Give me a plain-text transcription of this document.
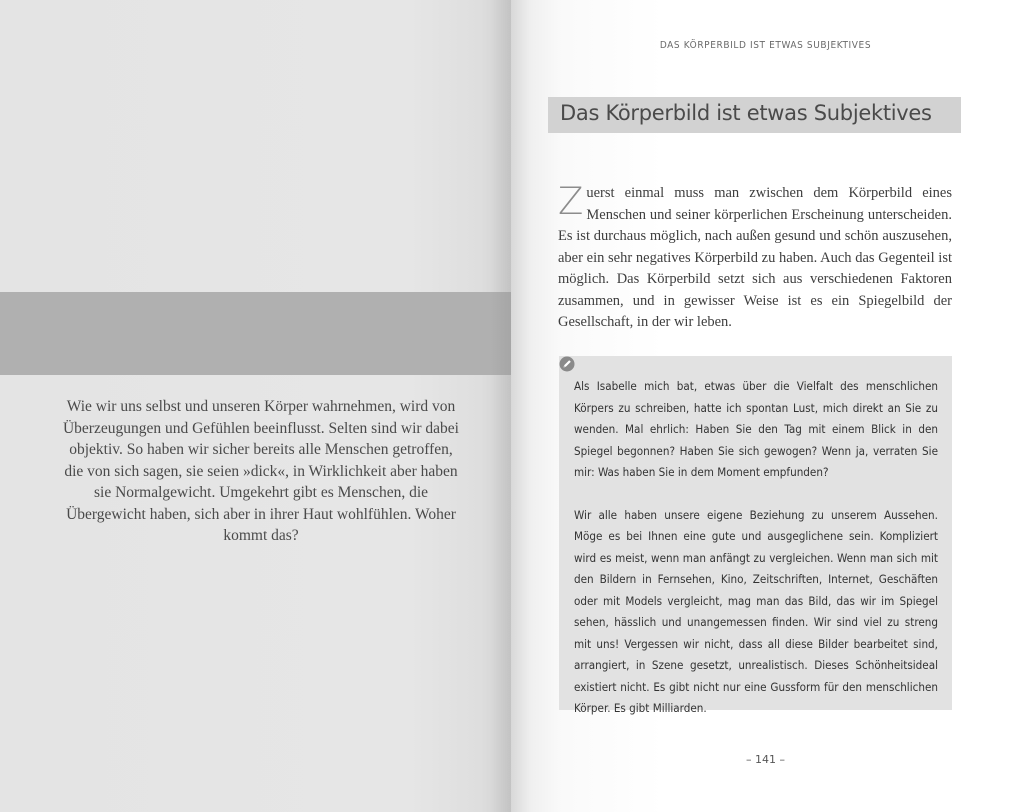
Wie wir uns selbst und unseren Körper wahrnehmen, wird von Überzeugungen und Gefühlen beeinflusst. Selten sind wir dabei objektiv. So haben wir sicher bereits alle Menschen getroffen, die von sich sagen, sie seien »dick«, in Wirklichkeit aber haben sie Normalgewicht. Umgekehrt gibt es Menschen, die Übergewicht haben, sich aber in ihrer Haut wohlfühlen. Woher kommt das?
DAS KÖRPERBILD IST ETWAS SUBJEKTIVES
Das Körperbild ist etwas Subjektives
Zuerst einmal muss man zwischen dem Körperbild eines Menschen und seiner körperlichen Erscheinung unterscheiden. Es ist durchaus möglich, nach außen gesund und schön auszusehen, aber ein sehr negatives Körperbild zu haben. Auch das Gegenteil ist möglich. Das Körperbild setzt sich aus verschiedenen Faktoren zusammen, und in gewisser Weise ist es ein Spiegelbild der Gesellschaft, in der wir leben.

Als Isabelle mich bat, etwas über die Vielfalt des menschlichen Körpers zu schreiben, hatte ich spontan Lust, mich direkt an Sie zu wenden. Mal ehrlich: Haben Sie den Tag mit einem Blick in den Spiegel begonnen? Haben Sie sich gewogen? Wenn ja, verraten Sie mir: Was haben Sie in dem Moment empfunden?

Wir alle haben unsere eigene Beziehung zu unserem Aussehen. Möge es bei Ihnen eine gute und ausgeglichene sein. Kompliziert wird es meist, wenn man anfängt zu vergleichen. Wenn man sich mit den Bildern in Fernsehen, Kino, Zeitschriften, Internet, Geschäften oder mit Models vergleicht, mag man das Bild, das wir im Spiegel sehen, hässlich und unangemessen finden. Wir sind viel zu streng mit uns! Vergessen wir nicht, dass all diese Bilder bearbeitet sind, arrangiert, in Szene gesetzt, unrealistisch. Dieses Schönheitsideal existiert nicht. Es gibt nicht nur eine Gussform für den menschlichen Körper. Es gibt Milliarden.

– 141 –
